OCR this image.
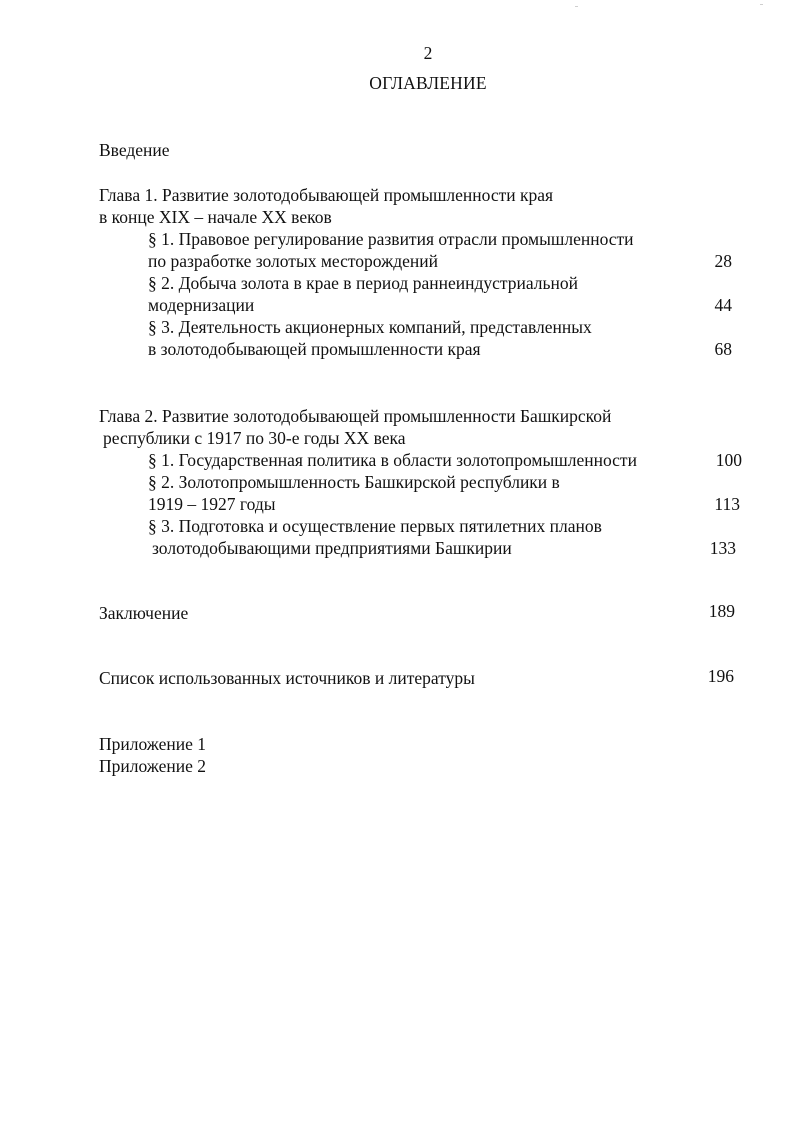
2
ОГЛАВЛЕНИЕ
Введение
Глава 1. Развитие золотодобывающей промышленности края
в конце XIX – начале XX веков
§ 1. Правовое регулирование развития отрасли промышленности
по разработке золотых месторождений	28
§ 2. Добыча золота в крае в период раннеиндустриальной
модернизации	44
§ 3. Деятельность акционерных компаний, представленных
в золотодобывающей промышленности края	68
Глава 2. Развитие золотодобывающей промышленности Башкирской
республики с 1917 по 30-е годы XX века
§ 1. Государственная политика в области золотопромышленности	100
§ 2. Золотопромышленность Башкирской республики в
1919 – 1927 годы	113
§ 3. Подготовка и осуществление первых пятилетних планов
золотодобывающими предприятиями Башкирии	133
Заключение	189
Список использованных источников и литературы	196
Приложение 1
Приложение 2
